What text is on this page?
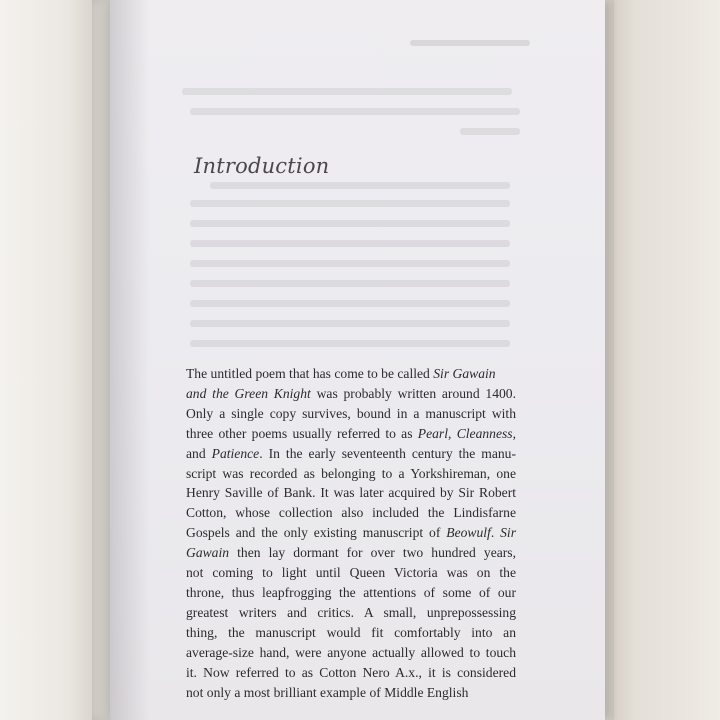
Introduction

The untitled poem that has come to be called Sir Gawain
and the Green Knight was probably written around 1400.
Only a single copy survives, bound in a manuscript with
three other poems usually referred to as Pearl, Cleanness,
and Patience. In the early seventeenth century the manu-
script was recorded as belonging to a Yorkshireman, one
Henry Saville of Bank. It was later acquired by Sir Robert
Cotton, whose collection also included the Lindisfarne
Gospels and the only existing manuscript of Beowulf. Sir
Gawain then lay dormant for over two hundred years,
not coming to light until Queen Victoria was on the
throne, thus leapfrogging the attentions of some of our
greatest writers and critics. A small, unprepossessing
thing, the manuscript would fit comfortably into an
average-size hand, were anyone actually allowed to touch
it. Now referred to as Cotton Nero A.x., it is considered
not only a most brilliant example of Middle English
